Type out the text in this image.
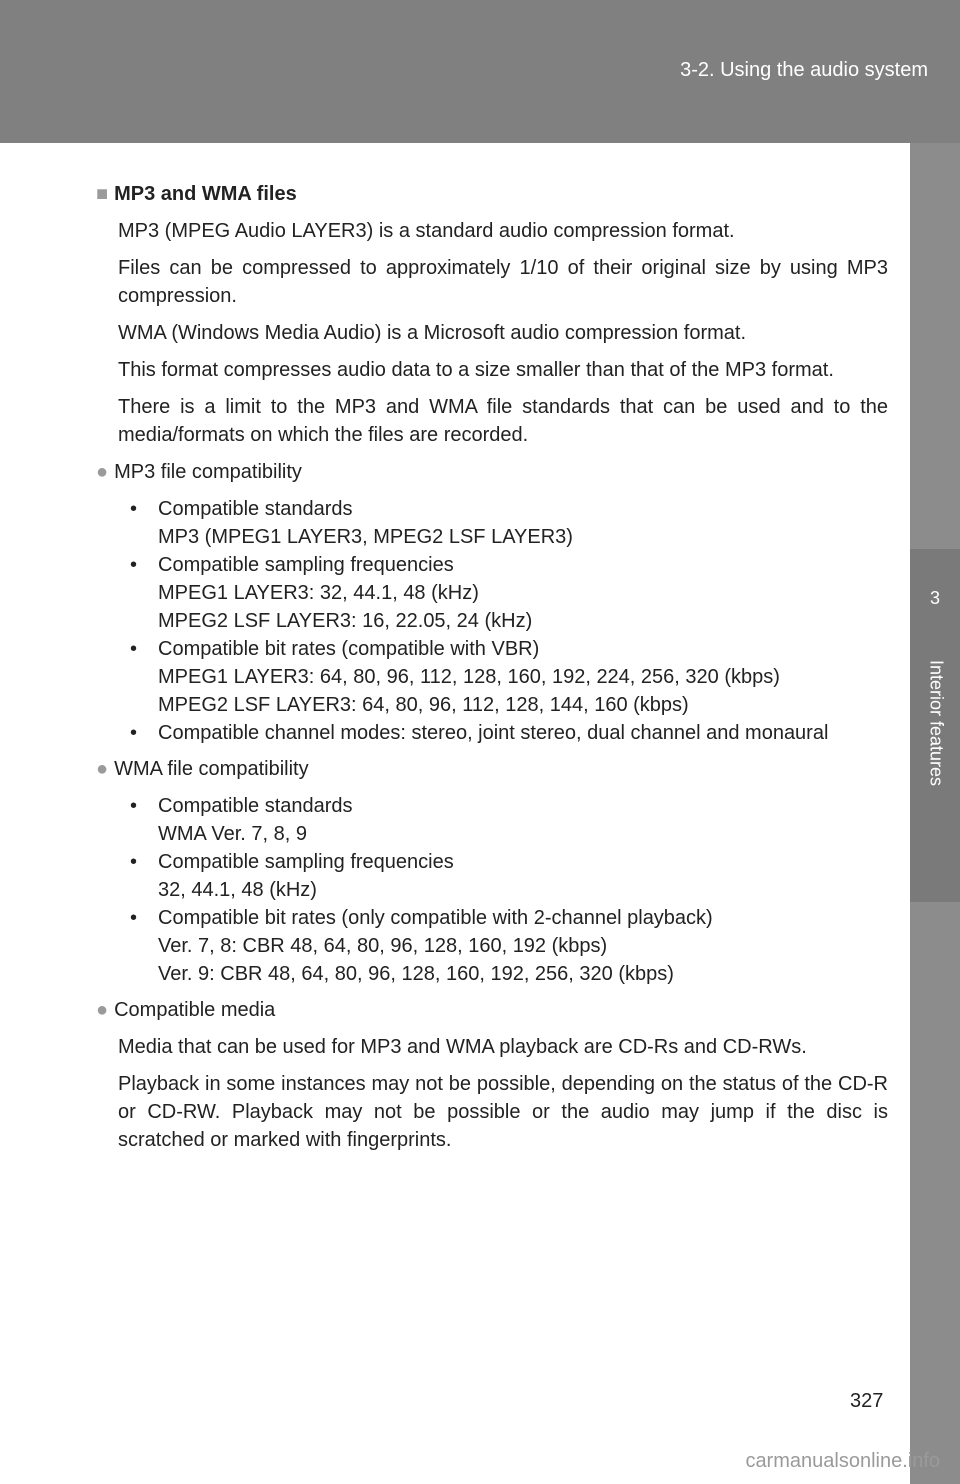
3-2. Using the audio system
3
Interior features
■ MP3 and WMA files
MP3 (MPEG Audio LAYER3) is a standard audio compression format.
Files can be compressed to approximately 1/10 of their original size by using MP3 compression.
WMA (Windows Media Audio) is a Microsoft audio compression format.
This format compresses audio data to a size smaller than that of the MP3 format.
There is a limit to the MP3 and WMA file standards that can be used and to the media/formats on which the files are recorded.
● MP3 file compatibility
• Compatible standards
MP3 (MPEG1 LAYER3, MPEG2 LSF LAYER3)
• Compatible sampling frequencies
MPEG1 LAYER3: 32, 44.1, 48 (kHz)
MPEG2 LSF LAYER3: 16, 22.05, 24 (kHz)
• Compatible bit rates (compatible with VBR)
MPEG1 LAYER3: 64, 80, 96, 112, 128, 160, 192, 224, 256, 320 (kbps)
MPEG2 LSF LAYER3: 64, 80, 96, 112, 128, 144, 160 (kbps)
• Compatible channel modes: stereo, joint stereo, dual channel and monaural
● WMA file compatibility
• Compatible standards
WMA Ver. 7, 8, 9
• Compatible sampling frequencies
32, 44.1, 48 (kHz)
• Compatible bit rates (only compatible with 2-channel playback)
Ver. 7, 8: CBR 48, 64, 80, 96, 128, 160, 192 (kbps)
Ver. 9: CBR 48, 64, 80, 96, 128, 160, 192, 256, 320 (kbps)
● Compatible media
Media that can be used for MP3 and WMA playback are CD-Rs and CD-RWs.
Playback in some instances may not be possible, depending on the status of the CD-R or CD-RW. Playback may not be possible or the audio may jump if the disc is scratched or marked with fingerprints.
327
carmanualsonline.info
